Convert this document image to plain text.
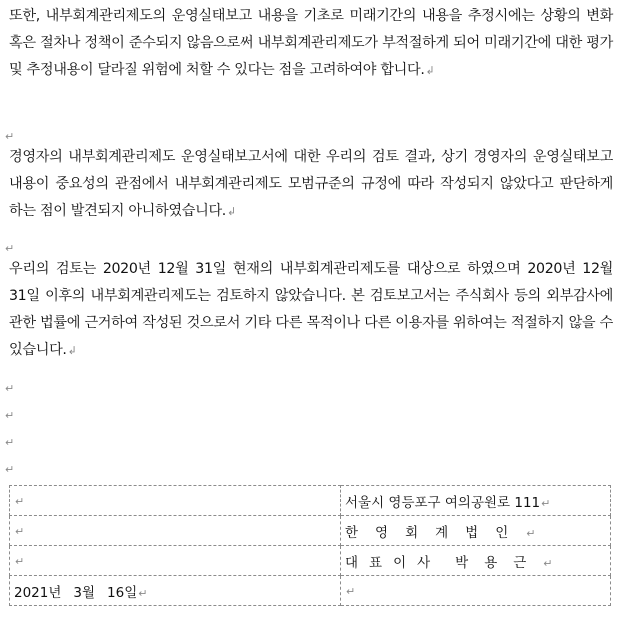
또한, 내부회계관리제도의 운영실태보고 내용을 기초로 미래기간의 내용을 추정시에는 상황의 변화 혹은 절차나 정책이 준수되지 않음으로써 내부회계관리제도가 부적절하게 되어 미래기간에 대한 평가 및 추정내용이 달라질 위험에 처할 수 있다는 점을 고려하여야 합니다.↲

↵

경영자의 내부회계관리제도 운영실태보고서에 대한 우리의 검토 결과, 상기 경영자의 운영실태보고 내용이 중요성의 관점에서 내부회계관리제도 모범규준의 규정에 따라 작성되지 않았다고 판단하게 하는 점이 발견되지 아니하였습니다.↲

↵

우리의 검토는 2020년 12월 31일 현재의 내부회계관리제도를 대상으로 하였으며 2020년 12월 31일 이후의 내부회계관리제도는 검토하지 않았습니다. 본 검토보고서는 주식회사 등의 외부감사에 관한 법률에 근거하여 작성된 것으로서 기타 다른 목적이나 다른 이용자를 위하여는 적절하지 않을 수 있습니다.↲

↵
↵
↵
↵
↵	서울시 영등포구 여의공원로 111↵
↵	한영회계법인↵
↵	대표이사 박용근↵
2021년 3월 16일↵	↵
